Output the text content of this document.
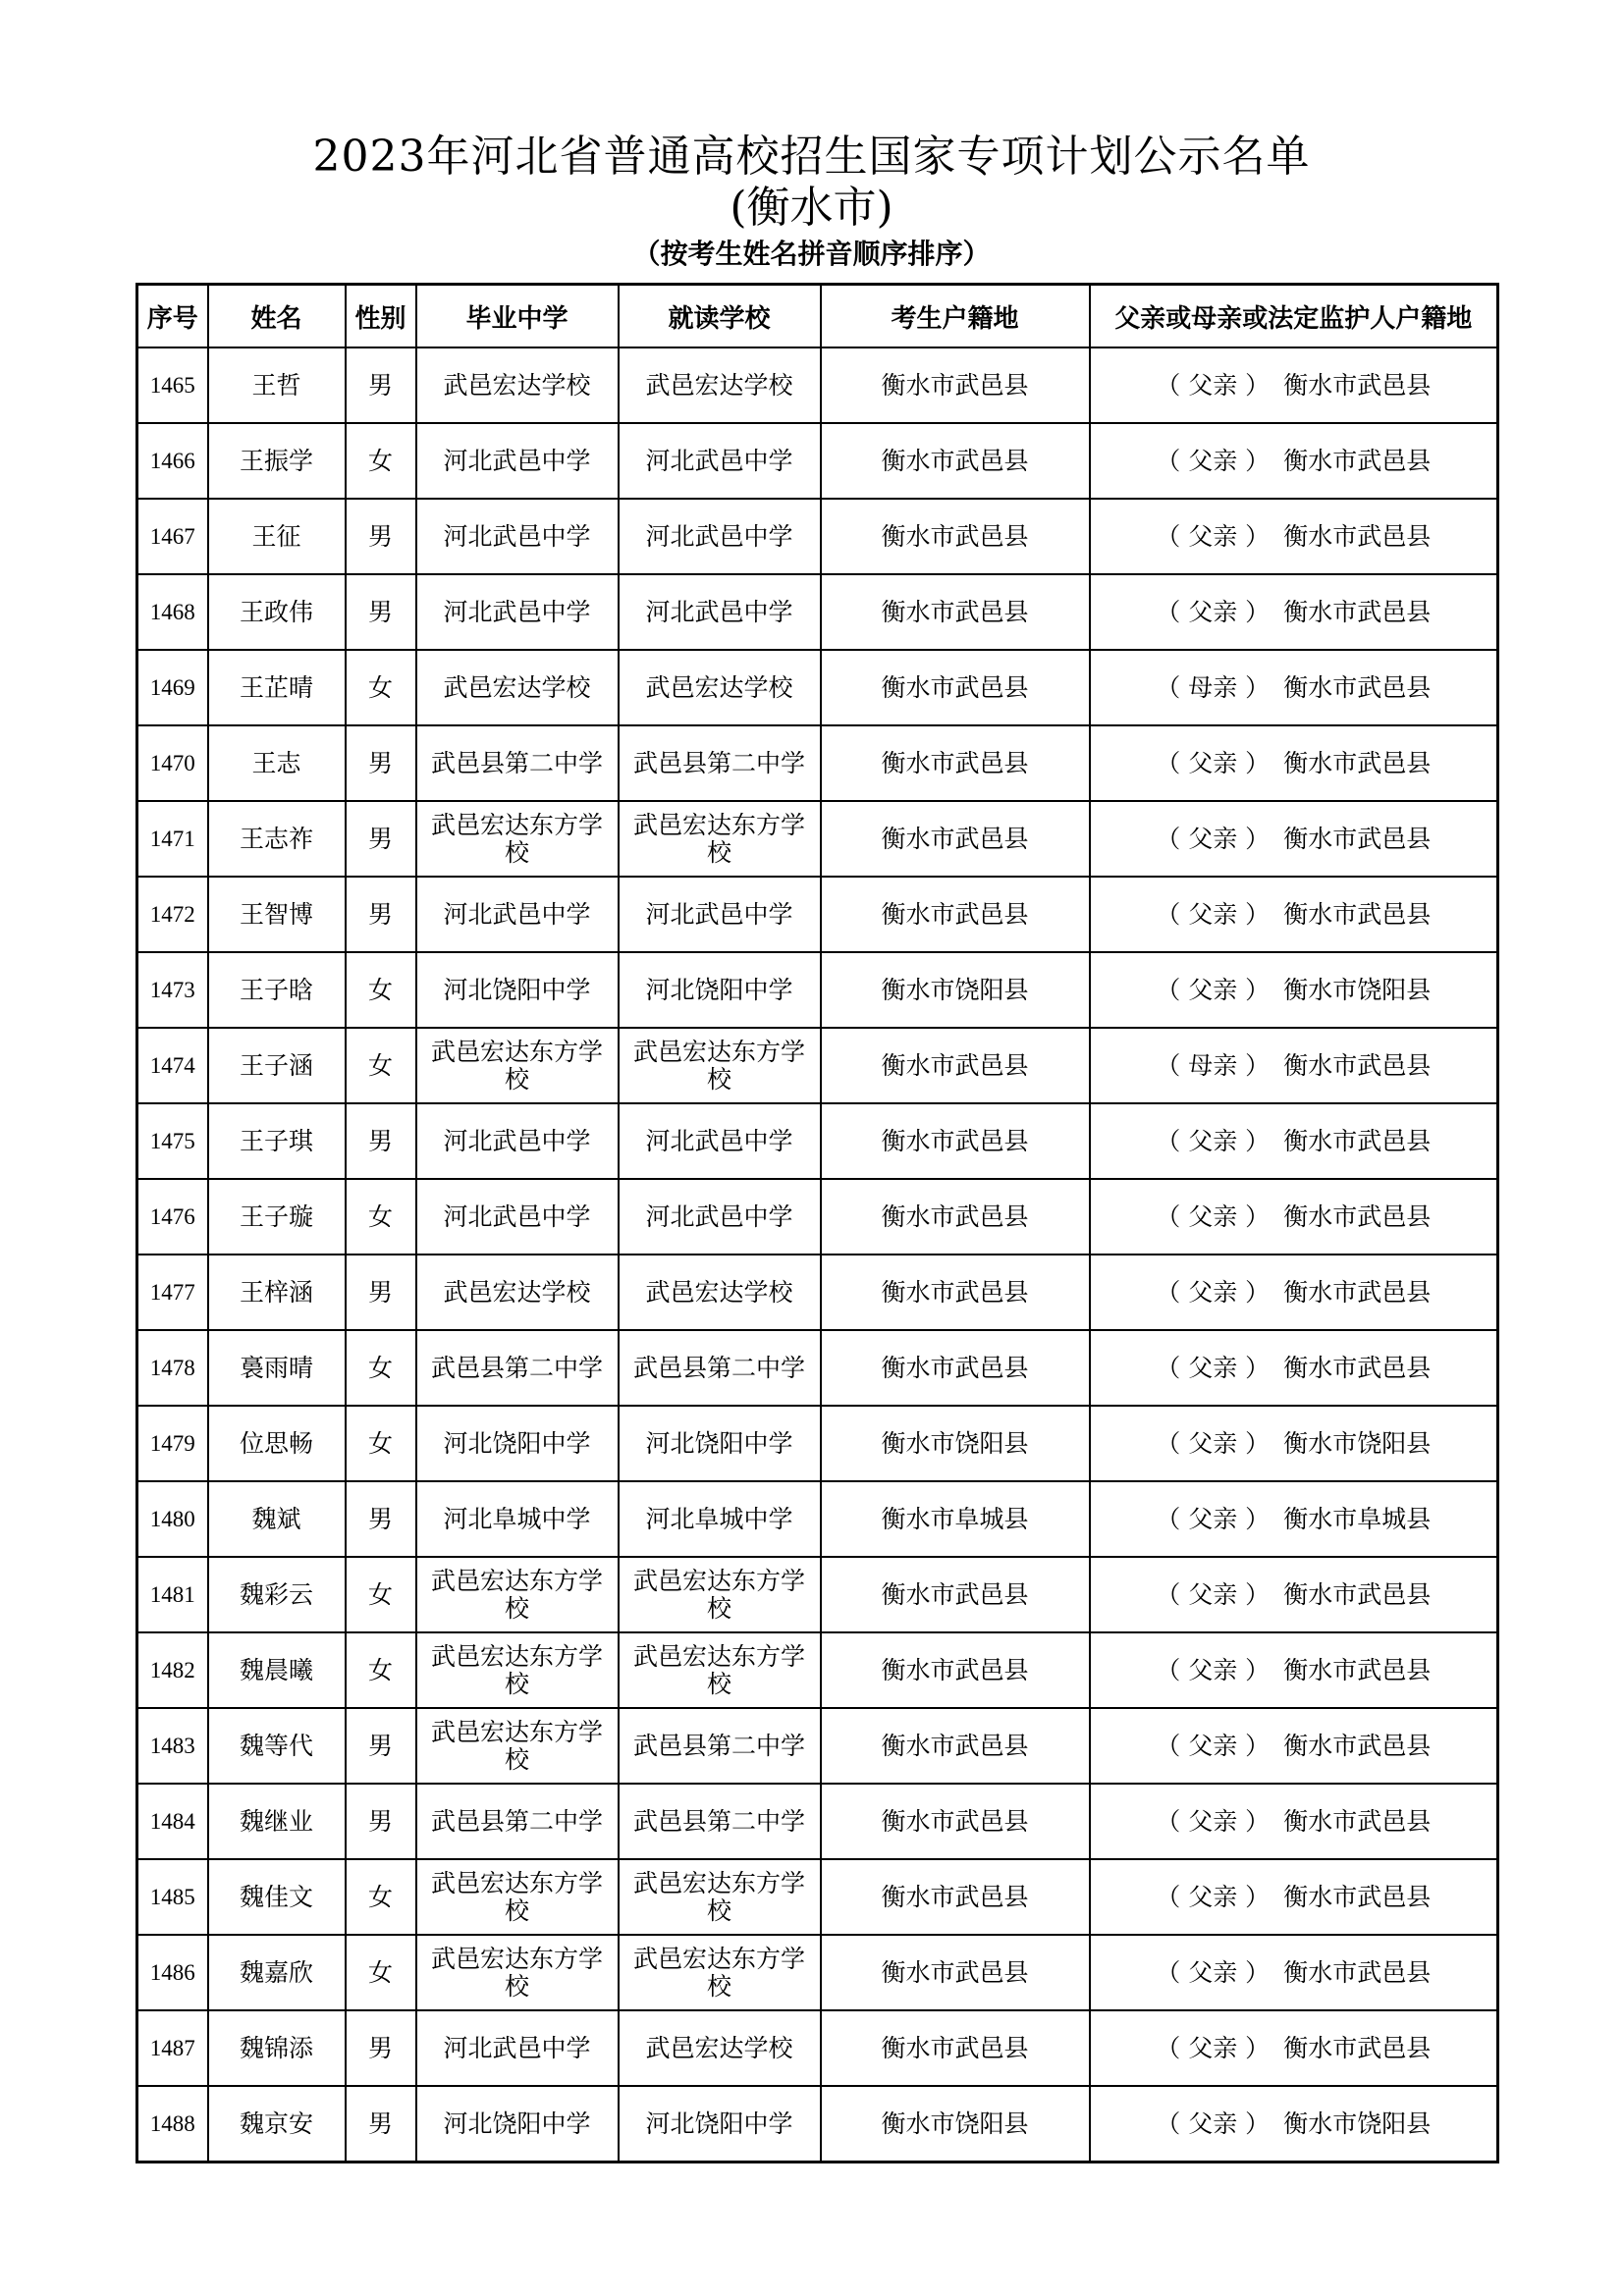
2023年河北省普通高校招生国家专项计划公示名单
(衡水市)
（按考生姓名拼音顺序排序）
序号	姓名	性别	毕业中学	就读学校	考生户籍地	父亲或母亲或法定监护人户籍地
1465	王哲	男	武邑宏达学校	武邑宏达学校	衡水市武邑县	（ 父亲 ） 衡水市武邑县
1466	王振学	女	河北武邑中学	河北武邑中学	衡水市武邑县	（ 父亲 ） 衡水市武邑县
1467	王征	男	河北武邑中学	河北武邑中学	衡水市武邑县	（ 父亲 ） 衡水市武邑县
1468	王政伟	男	河北武邑中学	河北武邑中学	衡水市武邑县	（ 父亲 ） 衡水市武邑县
1469	王芷晴	女	武邑宏达学校	武邑宏达学校	衡水市武邑县	（ 母亲 ） 衡水市武邑县
1470	王志	男	武邑县第二中学	武邑县第二中学	衡水市武邑县	（ 父亲 ） 衡水市武邑县
1471	王志祚	男	武邑宏达东方学校	武邑宏达东方学校	衡水市武邑县	（ 父亲 ） 衡水市武邑县
1472	王智博	男	河北武邑中学	河北武邑中学	衡水市武邑县	（ 父亲 ） 衡水市武邑县
1473	王子晗	女	河北饶阳中学	河北饶阳中学	衡水市饶阳县	（ 父亲 ） 衡水市饶阳县
1474	王子涵	女	武邑宏达东方学校	武邑宏达东方学校	衡水市武邑县	（ 母亲 ） 衡水市武邑县
1475	王子琪	男	河北武邑中学	河北武邑中学	衡水市武邑县	（ 父亲 ） 衡水市武邑县
1476	王子璇	女	河北武邑中学	河北武邑中学	衡水市武邑县	（ 父亲 ） 衡水市武邑县
1477	王梓涵	男	武邑宏达学校	武邑宏达学校	衡水市武邑县	（ 父亲 ） 衡水市武邑县
1478	裛雨晴	女	武邑县第二中学	武邑县第二中学	衡水市武邑县	（ 父亲 ） 衡水市武邑县
1479	位思畅	女	河北饶阳中学	河北饶阳中学	衡水市饶阳县	（ 父亲 ） 衡水市饶阳县
1480	魏斌	男	河北阜城中学	河北阜城中学	衡水市阜城县	（ 父亲 ） 衡水市阜城县
1481	魏彩云	女	武邑宏达东方学校	武邑宏达东方学校	衡水市武邑县	（ 父亲 ） 衡水市武邑县
1482	魏晨曦	女	武邑宏达东方学校	武邑宏达东方学校	衡水市武邑县	（ 父亲 ） 衡水市武邑县
1483	魏等代	男	武邑宏达东方学校	武邑县第二中学	衡水市武邑县	（ 父亲 ） 衡水市武邑县
1484	魏继业	男	武邑县第二中学	武邑县第二中学	衡水市武邑县	（ 父亲 ） 衡水市武邑县
1485	魏佳文	女	武邑宏达东方学校	武邑宏达东方学校	衡水市武邑县	（ 父亲 ） 衡水市武邑县
1486	魏嘉欣	女	武邑宏达东方学校	武邑宏达东方学校	衡水市武邑县	（ 父亲 ） 衡水市武邑县
1487	魏锦添	男	河北武邑中学	武邑宏达学校	衡水市武邑县	（ 父亲 ） 衡水市武邑县
1488	魏京安	男	河北饶阳中学	河北饶阳中学	衡水市饶阳县	（ 父亲 ） 衡水市饶阳县
